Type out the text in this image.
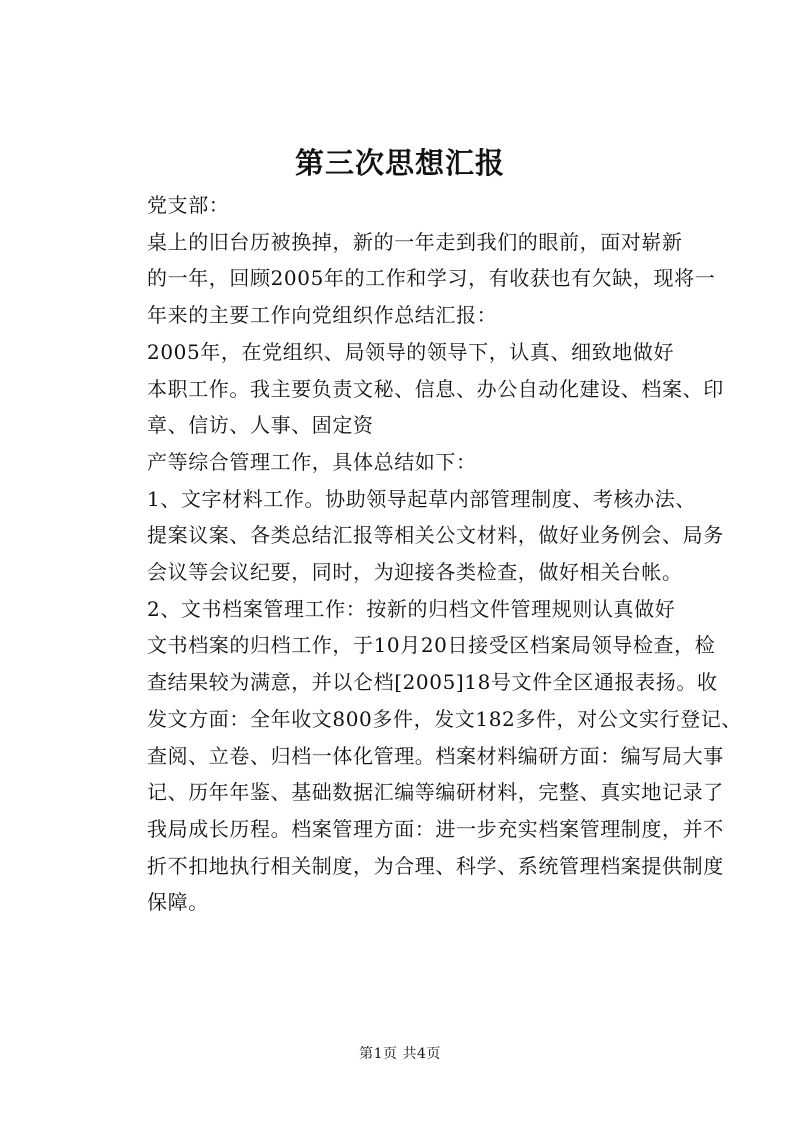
第三次思想汇报

党支部：

桌上的旧台历被换掉，新的一年走到我们的眼前，面对崭新
的一年，回顾2005年的工作和学习，有收获也有欠缺，现将一
年来的主要工作向党组织作总结汇报：

2005年，在党组织、局领导的领导下，认真、细致地做好
本职工作。我主要负责文秘、信息、办公自动化建设、档案、印
章、信访、人事、固定资

产等综合管理工作，具体总结如下：

1、文字材料工作。协助领导起草内部管理制度、考核办法、
提案议案、各类总结汇报等相关公文材料，做好业务例会、局务
会议等会议纪要，同时，为迎接各类检查，做好相关台帐。

2、文书档案管理工作：按新的归档文件管理规则认真做好
文书档案的归档工作，于10月20日接受区档案局领导检查，检
查结果较为满意，并以仑档[2005]18号文件全区通报表扬。收
发文方面：全年收文800多件，发文182多件，对公文实行登记、
查阅、立卷、归档一体化管理。档案材料编研方面：编写局大事
记、历年年鉴、基础数据汇编等编研材料，完整、真实地记录了
我局成长历程。档案管理方面：进一步充实档案管理制度，并不
折不扣地执行相关制度，为合理、科学、系统管理档案提供制度
保障。

第1页 共4页
